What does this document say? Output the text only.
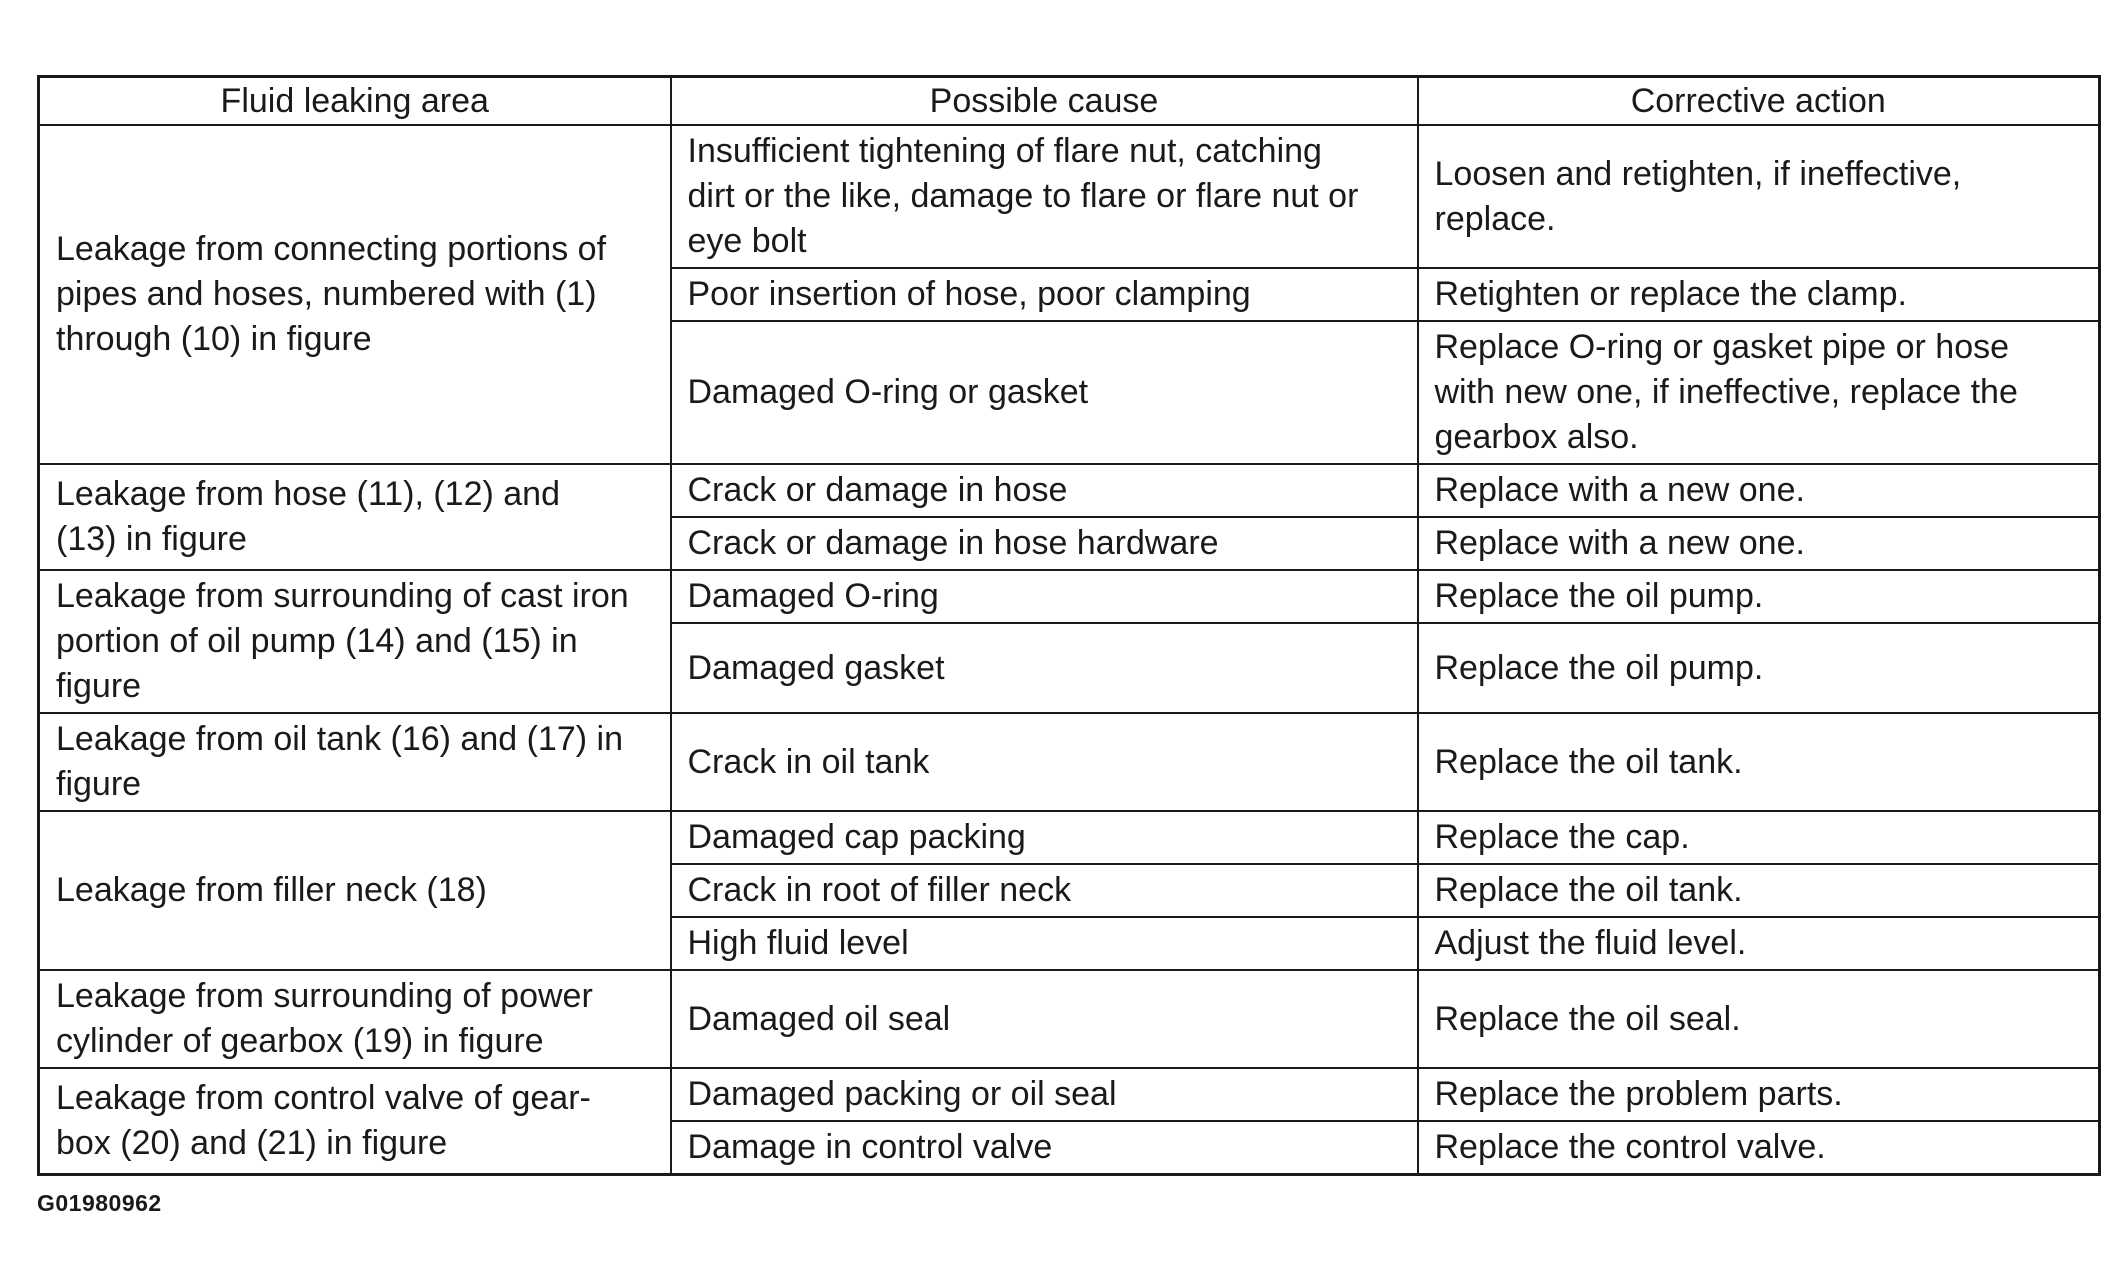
Fluid leaking area	Possible cause	Corrective action
Leakage from connecting portions of
pipes and hoses, numbered with (1)
through (10) in figure	Insufficient tightening of flare nut, catching
dirt or the like, damage to flare or flare nut or
eye bolt	Loosen and retighten, if ineffective,
replace.
	Poor insertion of hose, poor clamping	Retighten or replace the clamp.
	Damaged O-ring or gasket	Replace O-ring or gasket pipe or hose
with new one, if ineffective, replace the
gearbox also.
Leakage from hose (11), (12) and
(13) in figure	Crack or damage in hose	Replace with a new one.
	Crack or damage in hose hardware	Replace with a new one.
Leakage from surrounding of cast iron
portion of oil pump (14) and (15) in
figure	Damaged O-ring	Replace the oil pump.
	Damaged gasket	Replace the oil pump.
Leakage from oil tank (16) and (17) in
figure	Crack in oil tank	Replace the oil tank.
Leakage from filler neck (18)	Damaged cap packing	Replace the cap.
	Crack in root of filler neck	Replace the oil tank.
	High fluid level	Adjust the fluid level.
Leakage from surrounding of power
cylinder of gearbox (19) in figure	Damaged oil seal	Replace the oil seal.
Leakage from control valve of gear-
box (20) and (21) in figure	Damaged packing or oil seal	Replace the problem parts.
	Damage in control valve	Replace the control valve.
G01980962
